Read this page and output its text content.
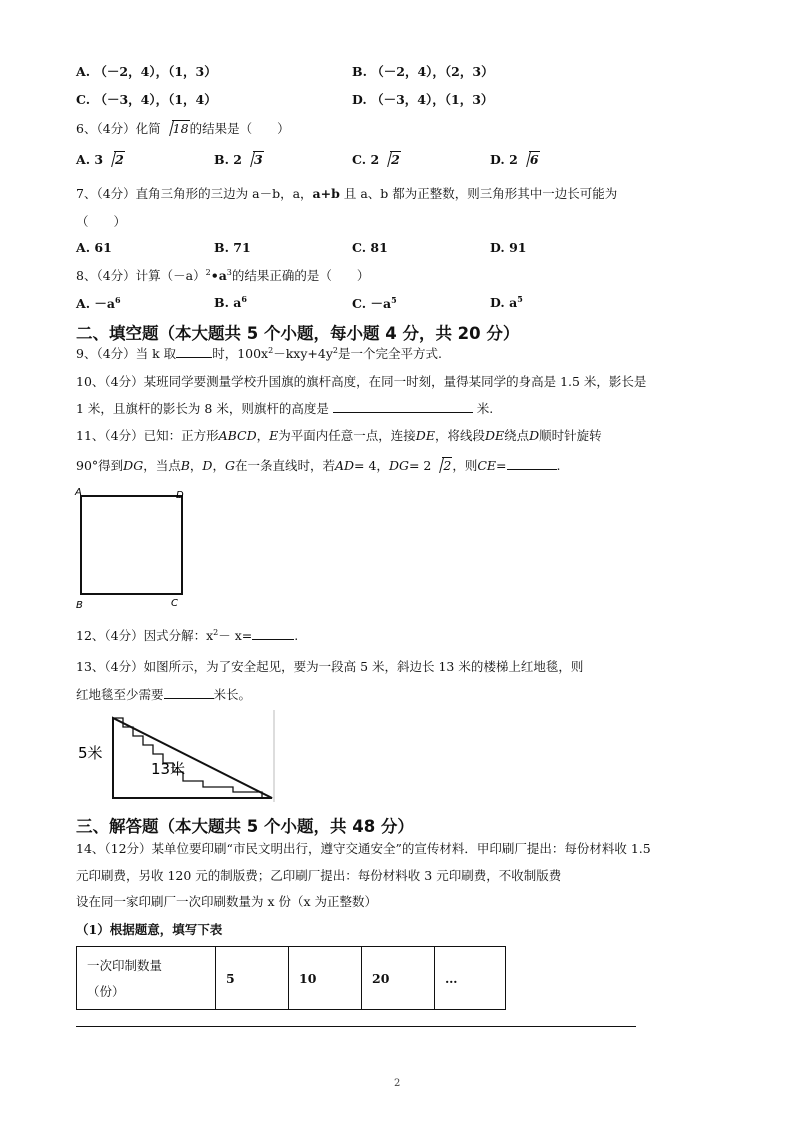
A. （－2，4），（1，3）	B. （－2，4），（2，3）
C. （－3，4），（1，4）	D. （－3，4），（1，3）
6、（4分）化简 18的结果是（　　）
A. 3 2	B. 2 3	C. 2 2	D. 2 6
7、（4分）直角三角形的三边为 a－b，a，a+b 且 a、b 都为正整数，则三角形其中一边长可能为
（　　）
A. 61	B. 71	C. 81	D. 91
8、（4分）计算$(-a)^2•a^3$的结果正确的是（　　）
A. $-a^6$	B. $a^6$	C. $-a^5$	D. $a^5$
二、填空题（本大题共 5 个小题，每小题 4 分，共 20 分）
9、（4分）当 k 取	时，$100x^2-kxy+4y^2$是一个完全平方式.
10、（4分）某班同学要测量学校升国旗的旗杆高度，在同一时刻，量得某同学的身高是 1.5 米，影长是
1 米，且旗杆的影长为 8 米，则旗杆的高度是	米.
11、（4分）已知：正方形ABCD，E为平面内任意一点，连接DE，将线段DE绕点D顺时针旋转
90°得到DG，当点B，D，G在一条直线时，若AD= 4，DG= 2 2，则CE=	.
A	D
B	C
12、（4分）因式分解：$x^2- x=$	.
13、（4分）如图所示，为了安全起见，要为一段高 5 米，斜边长 13 米的楼梯上红地毯，则
红地毯至少需要	米长。
5米
13米
三、解答题（本大题共 5 个小题，共 48 分）
14、（12分）某单位要印刷“市民文明出行，遵守交通安全”的宣传材料．甲印刷厂提出：每份材料收 1.5
元印刷费，另收 120 元的制版费；乙印刷厂提出：每份材料收 3 元印刷费，不收制版费
设在同一家印刷厂一次印刷数量为 x 份（x 为正整数）
（1）根据题意，填写下表
一次印制数量
（份）
	5	10	20	…
2
